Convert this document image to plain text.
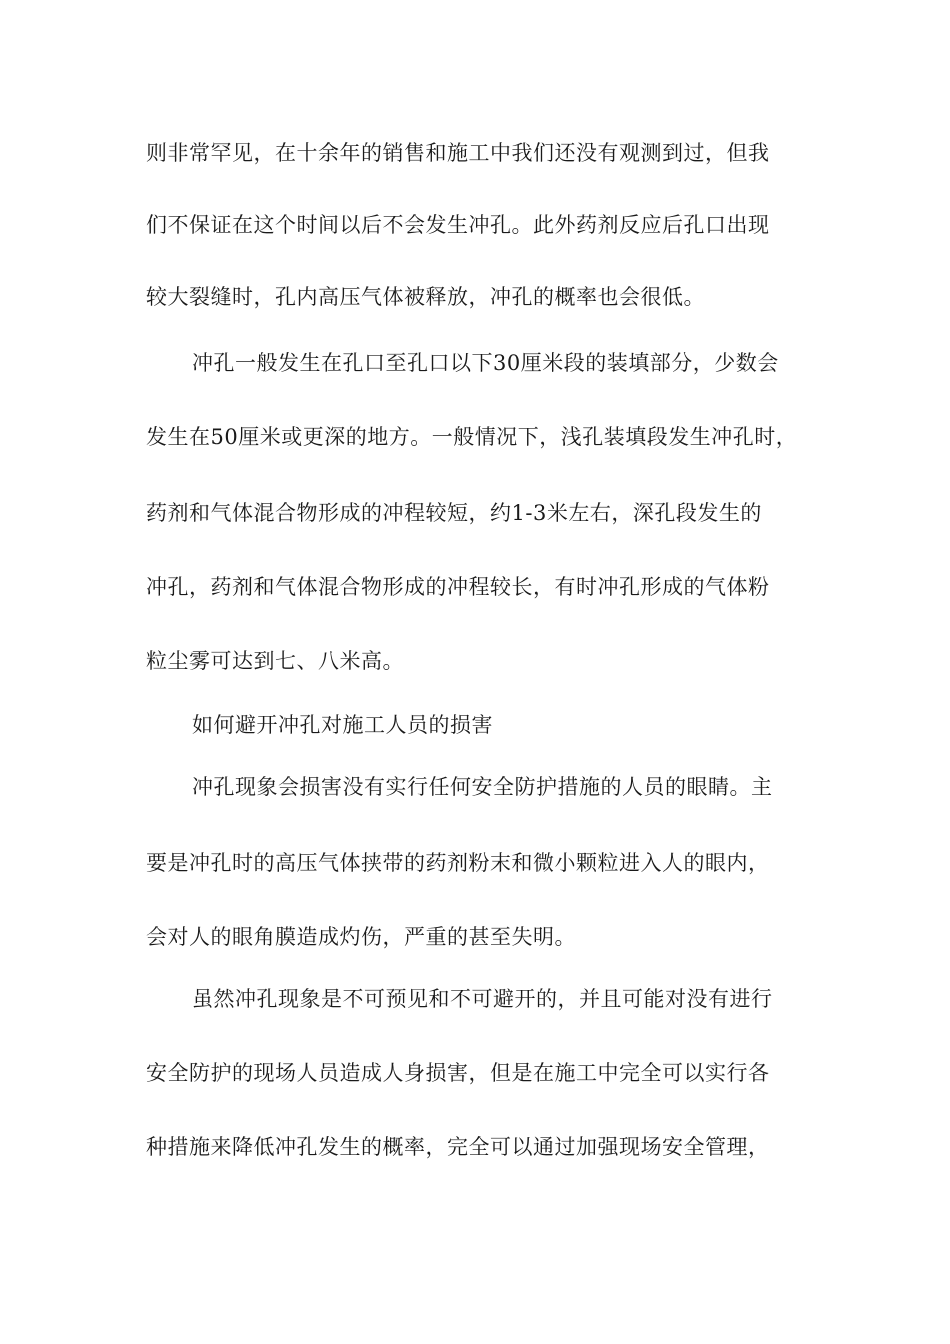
则非常罕见，在十余年的销售和施工中我们还没有观测到过，但我
们不保证在这个时间以后不会发生冲孔。此外药剂反应后孔口出现
较大裂缝时，孔内高压气体被释放，冲孔的概率也会很低。
冲孔一般发生在孔口至孔口以下30厘米段的装填部分，少数会
发生在50厘米或更深的地方。一般情况下，浅孔装填段发生冲孔时，
药剂和气体混合物形成的冲程较短，约1-3米左右，深孔段发生的
冲孔，药剂和气体混合物形成的冲程较长，有时冲孔形成的气体粉
粒尘雾可达到七、八米高。
如何避开冲孔对施工人员的损害
冲孔现象会损害没有实行任何安全防护措施的人员的眼睛。主
要是冲孔时的高压气体挟带的药剂粉末和微小颗粒进入人的眼内，
会对人的眼角膜造成灼伤，严重的甚至失明。
虽然冲孔现象是不可预见和不可避开的，并且可能对没有进行
安全防护的现场人员造成人身损害，但是在施工中完全可以实行各
种措施来降低冲孔发生的概率，完全可以通过加强现场安全管理，
